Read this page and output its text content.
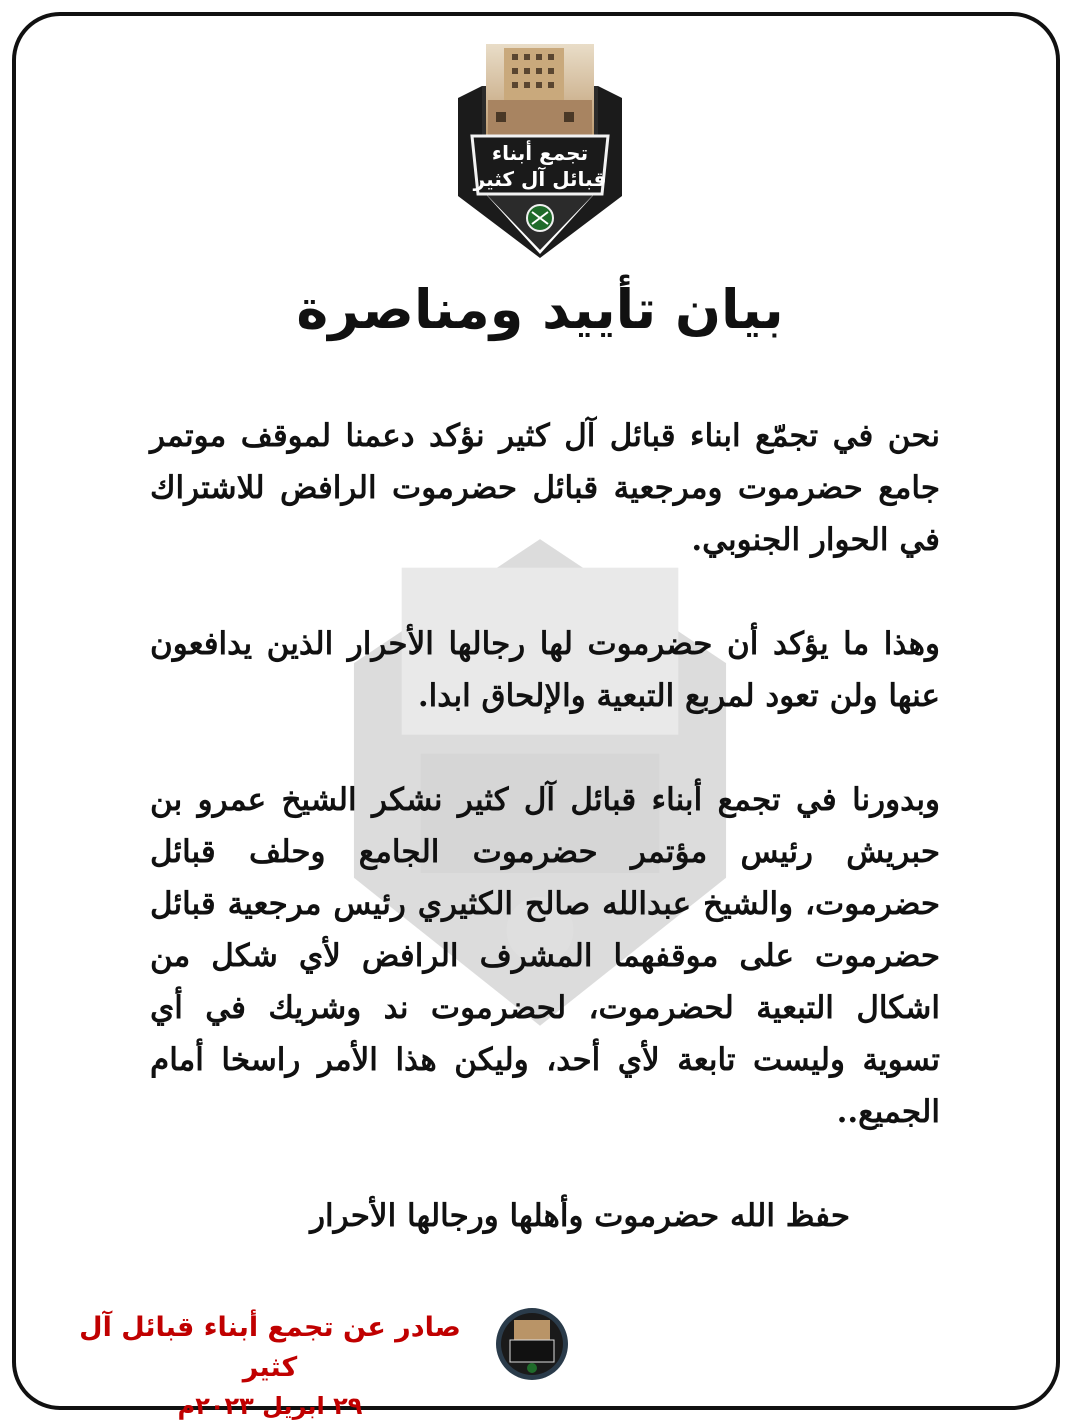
تجمع أبناء
قبائل آل كثير
بيان تأييد ومناصرة

نحن في تجمّع ابناء قبائل آل كثير نؤكد دعمنا لموقف موتمر جامع حضرموت ومرجعية قبائل حضرموت الرافض للاشتراك في الحوار الجنوبي.

وهذا ما يؤكد أن حضرموت لها رجالها الأحرار الذين يدافعون عنها ولن تعود لمربع التبعية والإلحاق ابدا.

وبدورنا في تجمع أبناء قبائل آل كثير نشكر الشيخ عمرو بن حبريش رئيس مؤتمر حضرموت الجامع وحلف قبائل حضرموت، والشيخ عبدالله صالح الكثيري رئيس مرجعية قبائل حضرموت على موقفهما المشرف الرافض لأي شكل من اشكال التبعية لحضرموت، لحضرموت ند وشريك في أي تسوية وليست تابعة لأي أحد، وليكن هذا الأمر راسخا أمام الجميع..

حفظ الله حضرموت وأهلها ورجالها الأحرار

صادر عن تجمع أبناء قبائل آل كثير
٢٩ ابريل ٢٠٢٣م
